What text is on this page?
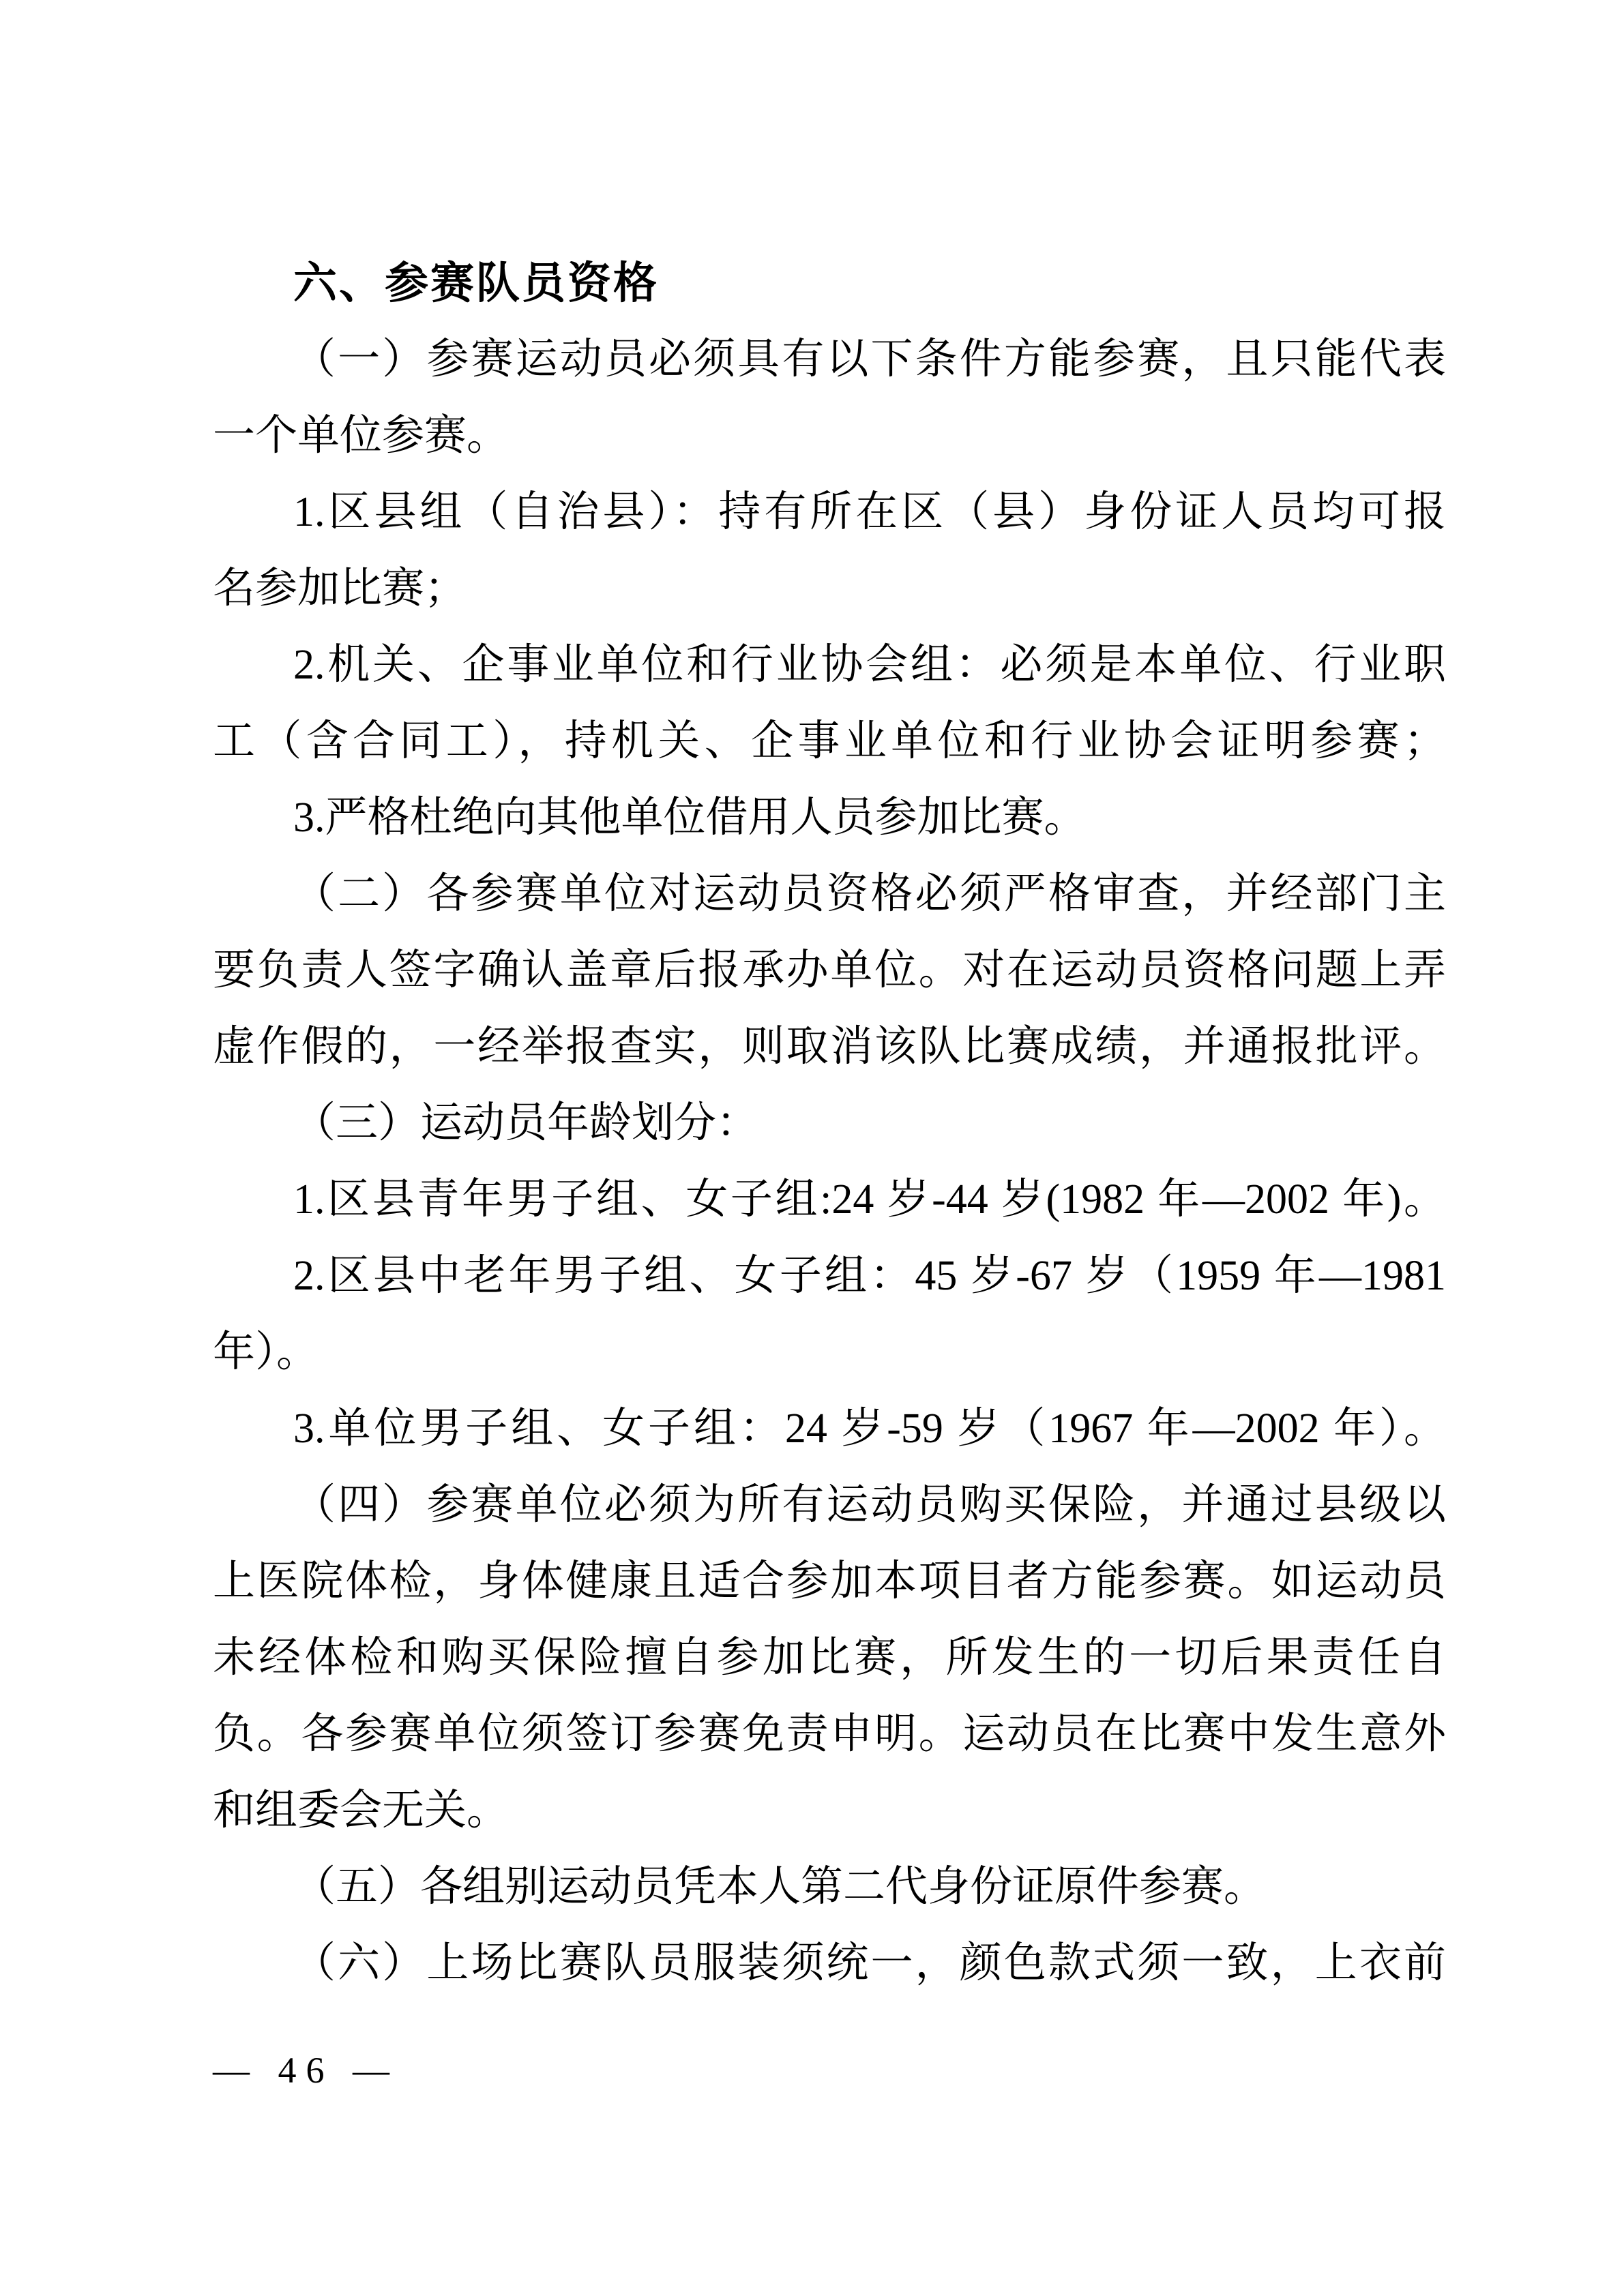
六、参赛队员资格
（一）参赛运动员必须具有以下条件方能参赛，且只能代表
一个单位参赛。
1.区县组（自治县）：持有所在区（县）身份证人员均可报
名参加比赛；
2.机关、企事业单位和行业协会组：必须是本单位、行业职
工（含合同工），持机关、企事业单位和行业协会证明参赛；
3.严格杜绝向其他单位借用人员参加比赛。
（二）各参赛单位对运动员资格必须严格审查，并经部门主
要负责人签字确认盖章后报承办单位。对在运动员资格问题上弄
虚作假的，一经举报查实，则取消该队比赛成绩，并通报批评。
（三）运动员年龄划分：
1.区县青年男子组、女子组:24 岁-44 岁(1982 年—2002 年)。
2.区县中老年男子组、女子组：45 岁-67 岁（1959 年—1981
年）。
3.单位男子组、女子组：24 岁-59 岁（1967 年—2002 年）。
（四）参赛单位必须为所有运动员购买保险，并通过县级以
上医院体检，身体健康且适合参加本项目者方能参赛。如运动员
未经体检和购买保险擅自参加比赛，所发生的一切后果责任自
负。各参赛单位须签订参赛免责申明。运动员在比赛中发生意外
和组委会无关。
（五）各组别运动员凭本人第二代身份证原件参赛。
（六）上场比赛队员服装须统一，颜色款式须一致，上衣前
— 46 —
